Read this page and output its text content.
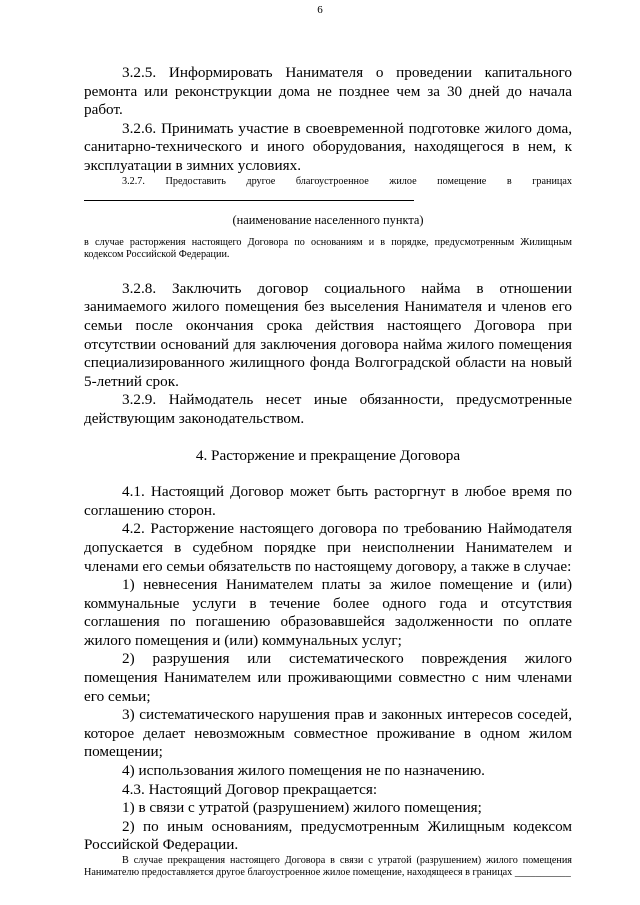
6

3.2.5. Информировать Нанимателя о проведении капитального ремонта или реконструкции дома не позднее чем за 30 дней до начала работ.

3.2.6. Принимать участие в своевременной подготовке жилого дома, санитарно-технического и иного оборудования, находящегося в нем, к эксплуатации в зимних условиях.

3.2.7. Предоставить другое благоустроенное жилое помещение в границах

(наименование населенного пункта)

в случае расторжения настоящего Договора по основаниям и в порядке, предусмотренным Жилищным кодексом Российской Федерации.

3.2.8. Заключить договор социального найма в отношении занимаемого жилого помещения без выселения Нанимателя и членов его семьи после окончания срока действия настоящего Договора при отсутствии оснований для заключения договора найма жилого помещения специализированного жилищного фонда Волгоградской области на новый 5-летний срок.

3.2.9. Наймодатель несет иные обязанности, предусмотренные действующим законодательством.

4. Расторжение и прекращение Договора

4.1. Настоящий Договор может быть расторгнут в любое время по соглашению сторон.

4.2. Расторжение настоящего договора по требованию Наймодателя допускается в судебном порядке при неисполнении Нанимателем и членами его семьи обязательств по настоящему договору, а также в случае:

1) невнесения Нанимателем платы за жилое помещение и (или) коммунальные услуги в течение более одного года и отсутствия соглашения по погашению образовавшейся задолженности по оплате жилого помещения и (или) коммунальных услуг;

2) разрушения или систематического повреждения жилого помещения Нанимателем или проживающими совместно с ним членами его семьи;

3) систематического нарушения прав и законных интересов соседей, которое делает невозможным совместное проживание в одном жилом помещении;

4) использования жилого помещения не по назначению.

4.3. Настоящий Договор прекращается:

1) в связи с утратой (разрушением) жилого помещения;

2) по иным основаниям, предусмотренным Жилищным кодексом Российской Федерации.

В случае прекращения настоящего Договора в связи с утратой (разрушением) жилого помещения Нанимателю предоставляется другое благоустроенное жилое помещение, находящееся в границах ___________
